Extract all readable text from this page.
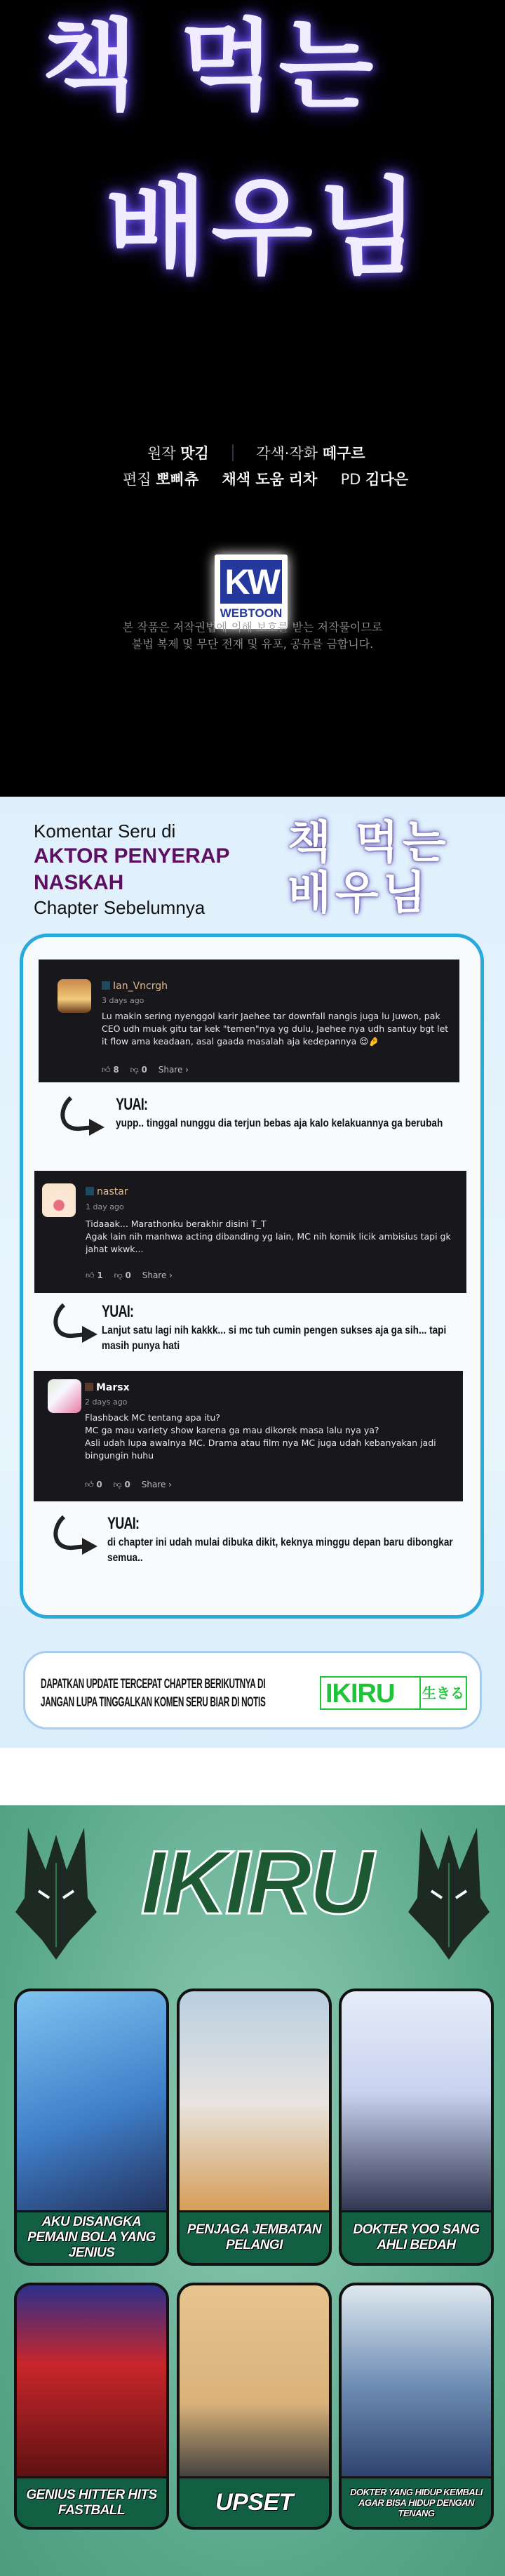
책 먹는
배우님
원작 맛김	각색·작화 떼구르
편집 뽀삐츄 채색 도움 리차 PD 김다은
KW
WEBTOON
본 작품은 저작권법에 의해 보호를 받는 저작물이므로
불법 복제 및 무단 전재 및 유포, 공유를 금합니다.
Komentar Seru di
AKTOR PENYERAP NASKAH
Chapter Sebelumnya
책 먹는 배우님
Ian_Vncrgh
3 days ago
Lu makin sering nyenggol karir Jaehee tar downfall nangis juga lu Juwon, pak CEO udh muak gitu tar kek "temen"nya yg dulu, Jaehee nya udh santuy bgt let it flow ama keadaan, asal gaada masalah aja kedepannya 😌🤌
👍︎ 8 👎︎ 0 Share ›
YUAI:
yupp.. tinggal nunggu dia terjun bebas aja kalo kelakuannya ga berubah
nastar
1 day ago
Tidaaak... Marathonku berakhir disini T_T
Agak lain nih manhwa acting dibanding yg lain, MC nih komik licik ambisius tapi gk jahat wkwk...
👍︎ 1 👎︎ 0 Share ›
YUAI:
Lanjut satu lagi nih kakkk... si mc tuh cumin pengen sukses aja ga sih... tapi masih punya hati
Marsx
2 days ago
Flashback MC tentang apa itu?
MC ga mau variety show karena ga mau dikorek masa lalu nya ya?
Asli udah lupa awalnya MC. Drama atau film nya MC juga udah kebanyakan jadi bingungin huhu
👍︎ 0 👎︎ 0 Share ›
YUAI:
di chapter ini udah mulai dibuka dikit, keknya minggu depan baru dibongkar semua..
DAPATKAN UPDATE TERCEPAT CHAPTER BERIKUTNYA DI
JANGAN LUPA TINGGALKAN KOMEN SERU BIAR DI NOTIS IKIRU 生きる
IKIRU
AKU DISANGKA PEMAIN BOLA YANG JENIUS
PENJAGA JEMBATAN PELANGI
DOKTER YOO SANG AHLI BEDAH
GENIUS HITTER HITS FASTBALL	UPSET	DOKTER YANG HIDUP KEMBALI AGAR BISA HIDUP DENGAN TENANG
